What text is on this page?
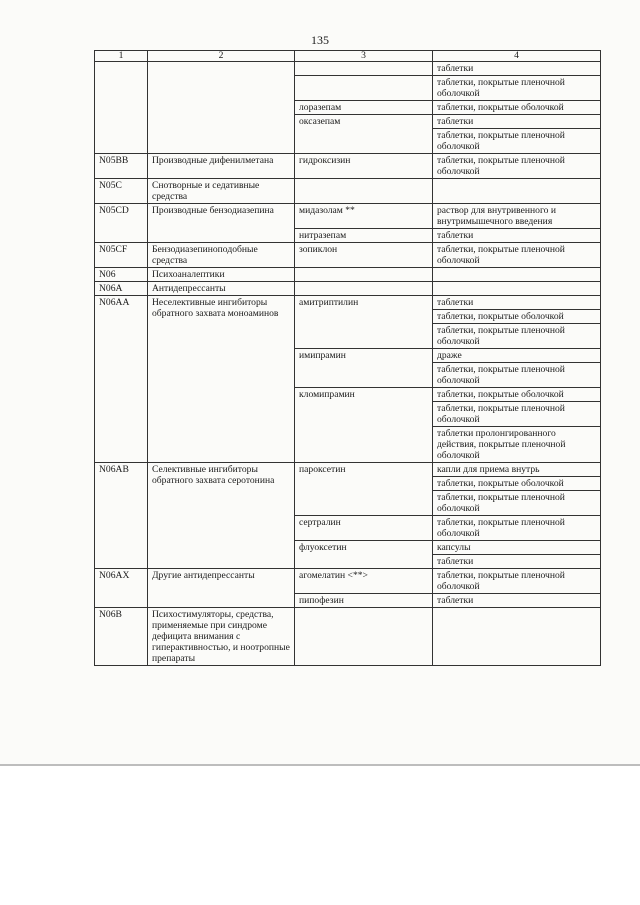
135
1	2	3	4
			таблетки
			таблетки, покрытые пленочной оболочкой
		лоразепам	таблетки, покрытые оболочкой
		оксазепам	таблетки
			таблетки, покрытые пленочной оболочкой
N05BB	Производные дифенилметана	гидроксизин	таблетки, покрытые пленочной оболочкой
N05C	Снотворные и седативные средства		
N05CD	Производные бензодиазепина	мидазолам **	раствор для внутривенного и внутримышечного введения
		нитразепам	таблетки
N05CF	Бензодиазепиноподобные средства	зопиклон	таблетки, покрытые пленочной оболочкой
N06	Психоаналептики		
N06A	Антидепрессанты		
N06AA	Неселективные ингибиторы обратного захвата моноаминов	амитриптилин	таблетки
			таблетки, покрытые оболочкой
			таблетки, покрытые пленочной оболочкой
		имипрамин	драже
			таблетки, покрытые пленочной оболочкой
		кломипрамин	таблетки, покрытые оболочкой
			таблетки, покрытые пленочной оболочкой
			таблетки пролонгированного действия, покрытые пленочной оболочкой
N06AB	Селективные ингибиторы обратного захвата серотонина	пароксетин	капли для приема внутрь
			таблетки, покрытые оболочкой
			таблетки, покрытые пленочной оболочкой
		сертралин	таблетки, покрытые пленочной оболочкой
		флуоксетин	капсулы
			таблетки
N06AX	Другие антидепрессанты	агомелатин <**>	таблетки, покрытые пленочной оболочкой
		пипофезин	таблетки
N06B	Психостимуляторы, средства, применяемые при синдроме дефицита внимания с гиперактивностью, и ноотропные препараты		
